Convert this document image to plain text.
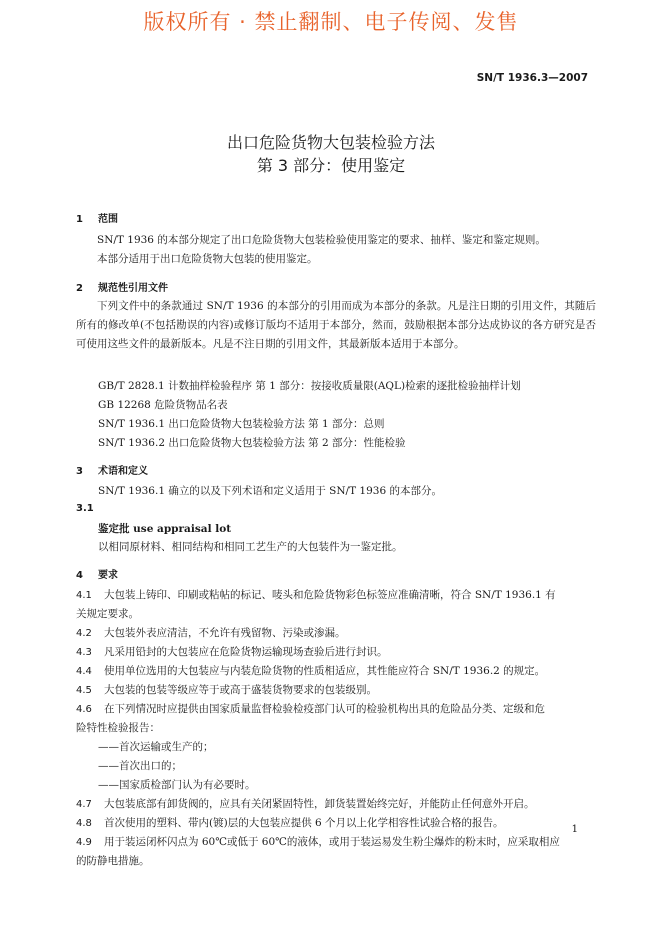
版权所有 · 禁止翻制、电子传阅、发售
SN/T 1936.3—2007
出口危险货物大包装检验方法
第 3 部分：使用鉴定
1 范围
SN/T 1936 的本部分规定了出口危险货物大包装检验使用鉴定的要求、抽样、鉴定和鉴定规则。
本部分适用于出口危险货物大包装的使用鉴定。
2 规范性引用文件
下列文件中的条款通过 SN/T 1936 的本部分的引用而成为本部分的条款。凡是注日期的引用文件，其随后所有的修改单(不包括勘误的内容)或修订版均不适用于本部分，然而，鼓励根据本部分达成协议的各方研究是否可使用这些文件的最新版本。凡是不注日期的引用文件，其最新版本适用于本部分。
GB/T 2828.1 计数抽样检验程序 第 1 部分：按接收质量限(AQL)检索的逐批检验抽样计划
GB 12268 危险货物品名表
SN/T 1936.1 出口危险货物大包装检验方法 第 1 部分：总则
SN/T 1936.2 出口危险货物大包装检验方法 第 2 部分：性能检验
3 术语和定义
SN/T 1936.1 确立的以及下列术语和定义适用于 SN/T 1936 的本部分。
3.1
鉴定批 use appraisal lot
以相同原材料、相同结构和相同工艺生产的大包装件为一鉴定批。
4 要求
4.1 大包装上铸印、印刷或粘帖的标记、唛头和危险货物彩色标签应准确清晰，符合 SN/T 1936.1 有
关规定要求。
4.2 大包装外表应清洁，不允许有残留物、污染或渗漏。
4.3 凡采用铅封的大包装应在危险货物运输现场查验后进行封识。
4.4 使用单位选用的大包装应与内装危险货物的性质相适应，其性能应符合 SN/T 1936.2 的规定。
4.5 大包装的包装等级应等于或高于盛装货物要求的包装级别。
4.6 在下列情况时应提供由国家质量监督检验检疫部门认可的检验机构出具的危险品分类、定级和危
险特性检验报告：
——首次运输或生产的；
——首次出口的；
——国家质检部门认为有必要时。
4.7 大包装底部有卸货阀的，应具有关闭紧固特性，卸货装置始终完好，并能防止任何意外开启。
4.8 首次使用的塑料、带内(镀)层的大包装应提供 6 个月以上化学相容性试验合格的报告。
4.9 用于装运闭杯闪点为 60℃或低于 60℃的液体，或用于装运易发生粉尘爆炸的粉末时，应采取相应
的防静电措施。
1
